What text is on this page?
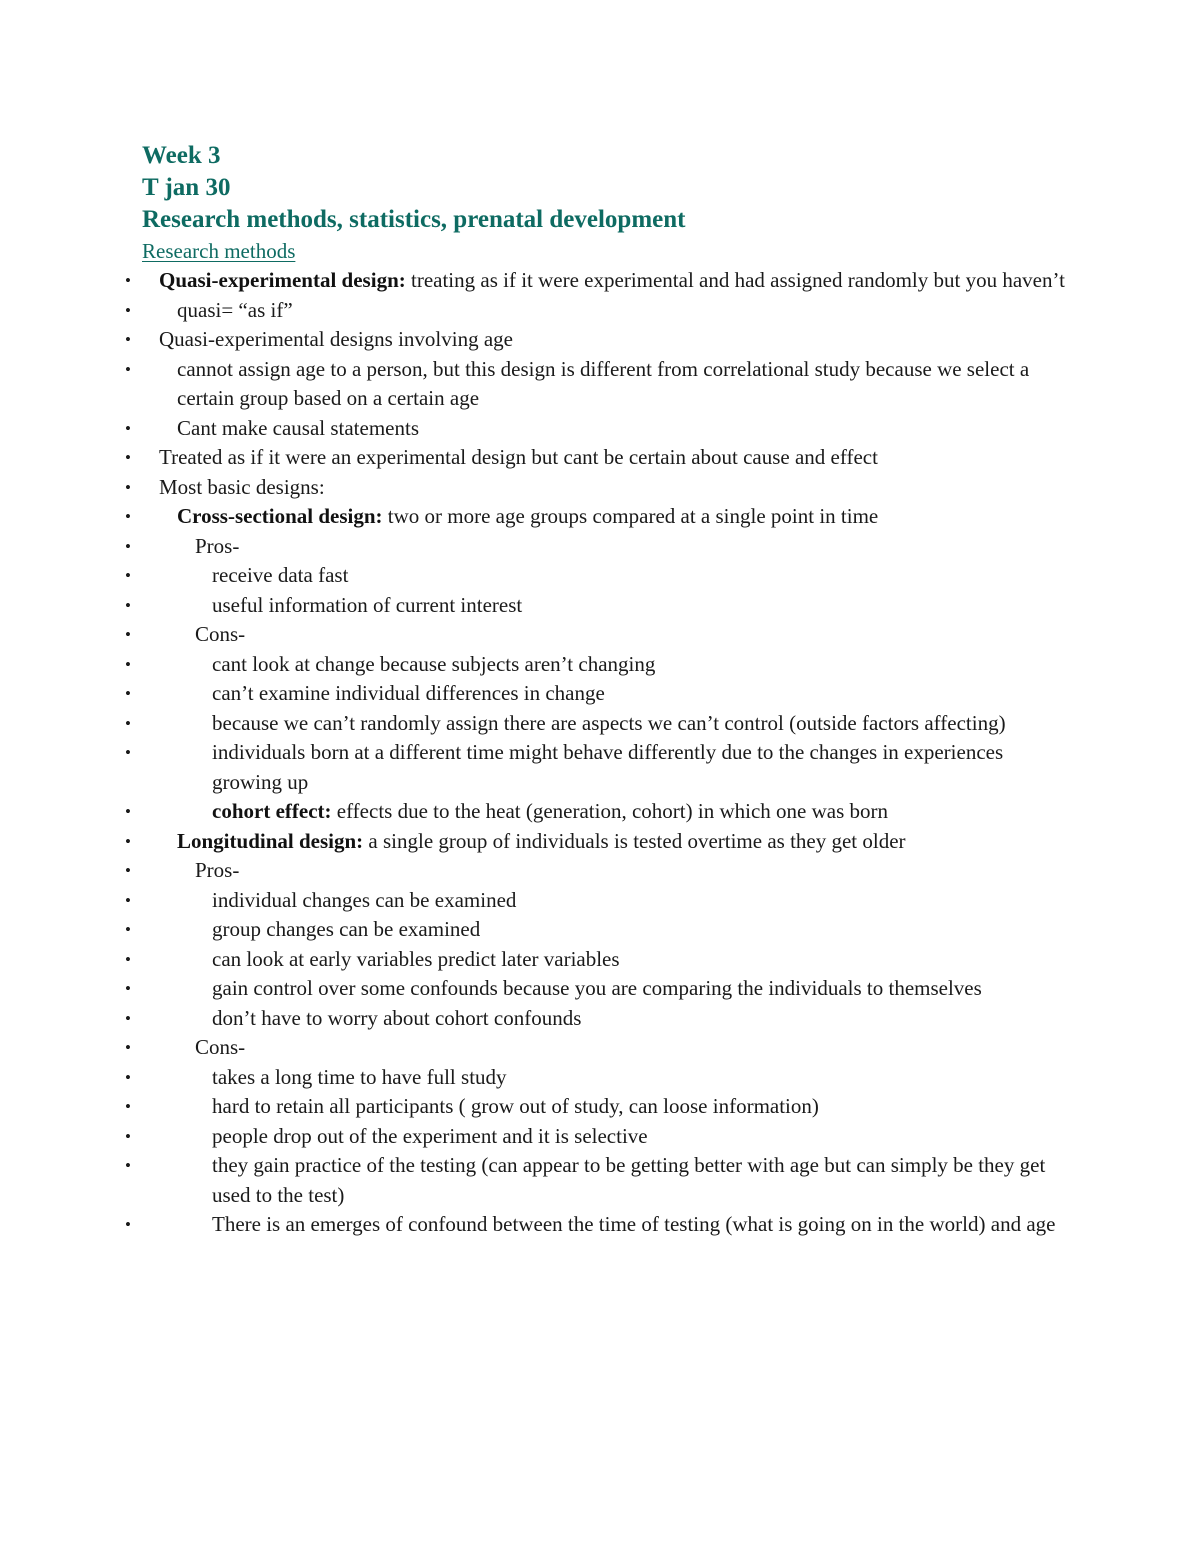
Week 3
T jan 30
Research methods, statistics, prenatal development
Research methods
• Quasi-experimental design: treating as if it were experimental and had assigned randomly but you haven’t
• quasi= “as if”
• Quasi-experimental designs involving age
• cannot assign age to a person, but this design is different from correlational study because we select a certain group based on a certain age
• Cant make causal statements
• Treated as if it were an experimental design but cant be certain about cause and effect
• Most basic designs:
• Cross-sectional design: two or more age groups compared at a single point in time
• Pros-
• receive data fast
• useful information of current interest
• Cons-
• cant look at change because subjects aren’t changing
• can’t examine individual differences in change
• because we can’t randomly assign there are aspects we can’t control (outside factors affecting)
• individuals born at a different time might behave differently due to the changes in experiences growing up
• cohort effect: effects due to the heat (generation, cohort) in which one was born
• Longitudinal design: a single group of individuals is tested overtime as they get older
• Pros-
• individual changes can be examined
• group changes can be examined
• can look at early variables predict later variables
• gain control over some confounds because you are comparing the individuals to themselves
• don’t have to worry about cohort confounds
• Cons-
• takes a long time to have full study
• hard to retain all participants ( grow out of study, can loose information)
• people drop out of the experiment and it is selective
• they gain practice of the testing (can appear to be getting better with age but can simply be they get used to the test)
• There is an emerges of confound between the time of testing (what is going on in the world) and age
